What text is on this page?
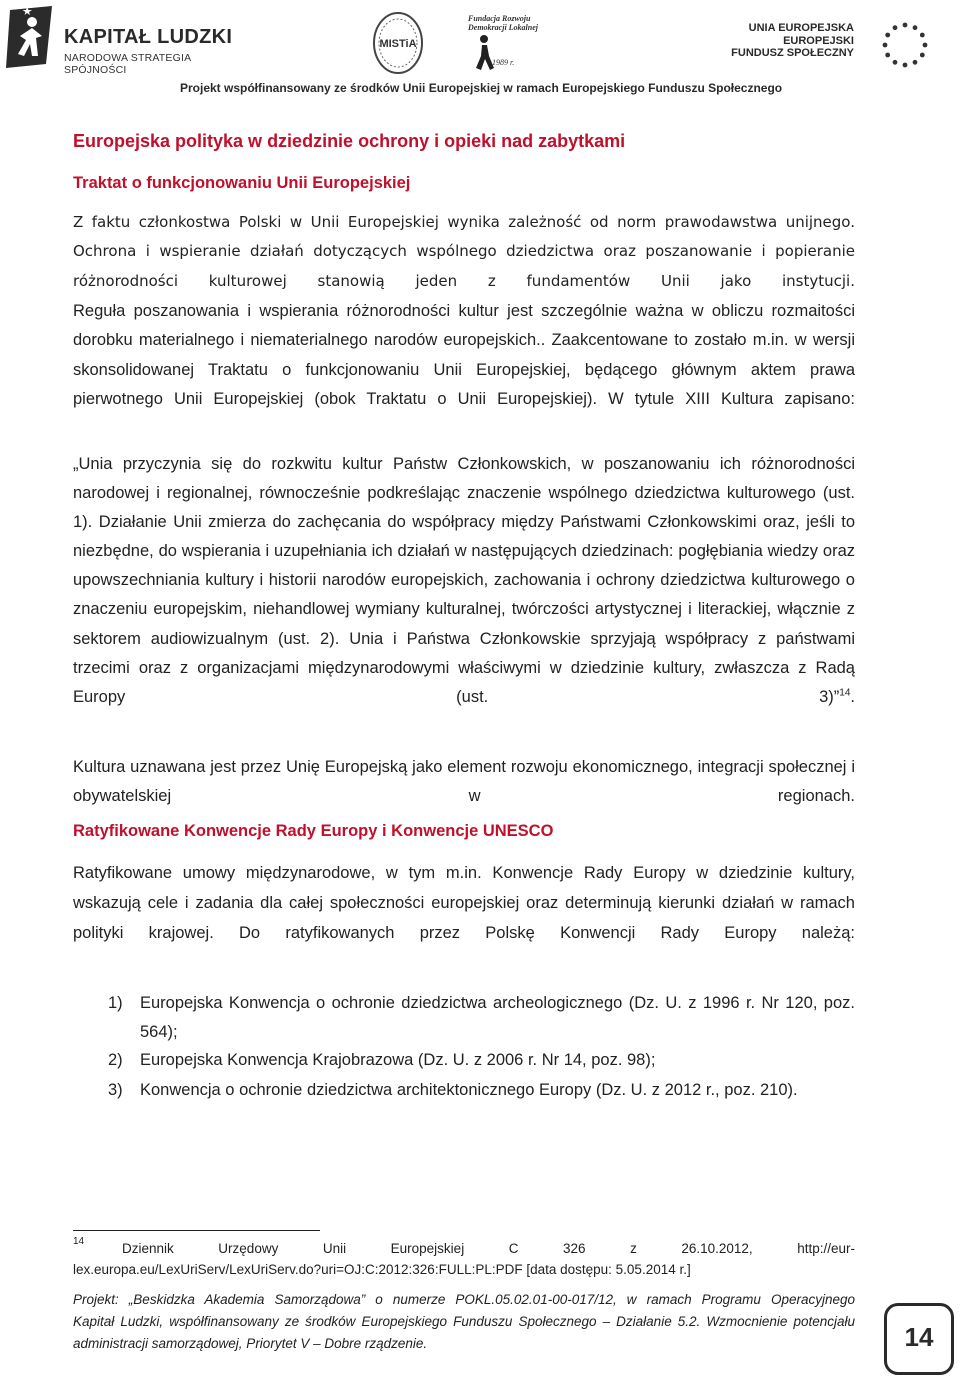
KAPITAŁ LUDZKI
NARODOWA STRATEGIA SPÓJNOŚCI
MISTiA
Fundacja Rozwoju Demokracji Lokalnej
1989 r.
UNIA EUROPEJSKA
EUROPEJSKI
FUNDUSZ SPOŁECZNY
Projekt współfinansowany ze środków Unii Europejskiej w ramach Europejskiego Funduszu Społecznego
Europejska polityka w dziedzinie ochrony i opieki nad zabytkami
Traktat o funkcjonowaniu Unii Europejskiej
Z faktu członkostwa Polski w Unii Europejskiej wynika zależność od norm prawodawstwa unijnego. Ochrona i wspieranie działań dotyczących wspólnego dziedzictwa oraz poszanowanie i popieranie różnorodności kulturowej stanowią jeden z fundamentów Unii jako instytucji.
Reguła poszanowania i wspierania różnorodności kultur jest szczególnie ważna w obliczu rozmaitości dorobku materialnego i niematerialnego narodów europejskich.. Zaakcentowane to zostało m.in. w wersji skonsolidowanej Traktatu o funkcjonowaniu Unii Europejskiej, będącego głównym aktem prawa pierwotnego Unii Europejskiej (obok Traktatu o Unii Europejskiej). W tytule XIII Kultura zapisano:
„Unia przyczynia się do rozkwitu kultur Państw Członkowskich, w poszanowaniu ich różnorodności narodowej i regionalnej, równocześnie podkreślając znaczenie wspólnego dziedzictwa kulturowego (ust. 1). Działanie Unii zmierza do zachęcania do współpracy między Państwami Członkowskimi oraz, jeśli to niezbędne, do wspierania i uzupełniania ich działań w następujących dziedzinach: pogłębiania wiedzy oraz upowszechniania kultury i historii narodów europejskich, zachowania i ochrony dziedzictwa kulturowego o znaczeniu europejskim, niehandlowej wymiany kulturalnej, twórczości artystycznej i literackiej, włącznie z sektorem audiowizualnym (ust. 2). Unia i Państwa Członkowskie sprzyjają współpracy z państwami trzecimi oraz z organizacjami międzynarodowymi właściwymi w dziedzinie kultury, zwłaszcza z Radą Europy (ust. 3)”$^{14}$.
Kultura uznawana jest przez Unię Europejską jako element rozwoju ekonomicznego, integracji społecznej i obywatelskiej w regionach.
Ratyfikowane Konwencje Rady Europy i Konwencje UNESCO
Ratyfikowane umowy międzynarodowe, w tym m.in. Konwencje Rady Europy w dziedzinie kultury, wskazują cele i zadania dla całej społeczności europejskiej oraz determinują kierunki działań w ramach polityki krajowej. Do ratyfikowanych przez Polskę Konwencji Rady Europy należą:
1) Europejska Konwencja o ochronie dziedzictwa archeologicznego (Dz. U. z 1996 r. Nr 120, poz. 564);
2) Europejska Konwencja Krajobrazowa (Dz. U. z 2006 r. Nr 14, poz. 98);
3) Konwencja o ochronie dziedzictwa architektonicznego Europy (Dz. U. z 2012 r., poz. 210).
14	Dziennik Urzędowy Unii Europejskiej C 326 z 26.10.2012, http://eur-
lex.europa.eu/LexUriServ/LexUriServ.do?uri=OJ:C:2012:326:FULL:PL:PDF [data dostępu: 5.05.2014 r.]
Projekt: „Beskidzka Akademia Samorządowa” o numerze POKL.05.02.01-00-017/12, w ramach Programu Operacyjnego
Kapitał Ludzki, współfinansowany ze środków Europejskiego Funduszu Społecznego – Działanie 5.2. Wzmocnienie potencjału
administracji samorządowej, Priorytet V – Dobre rządzenie.	14
